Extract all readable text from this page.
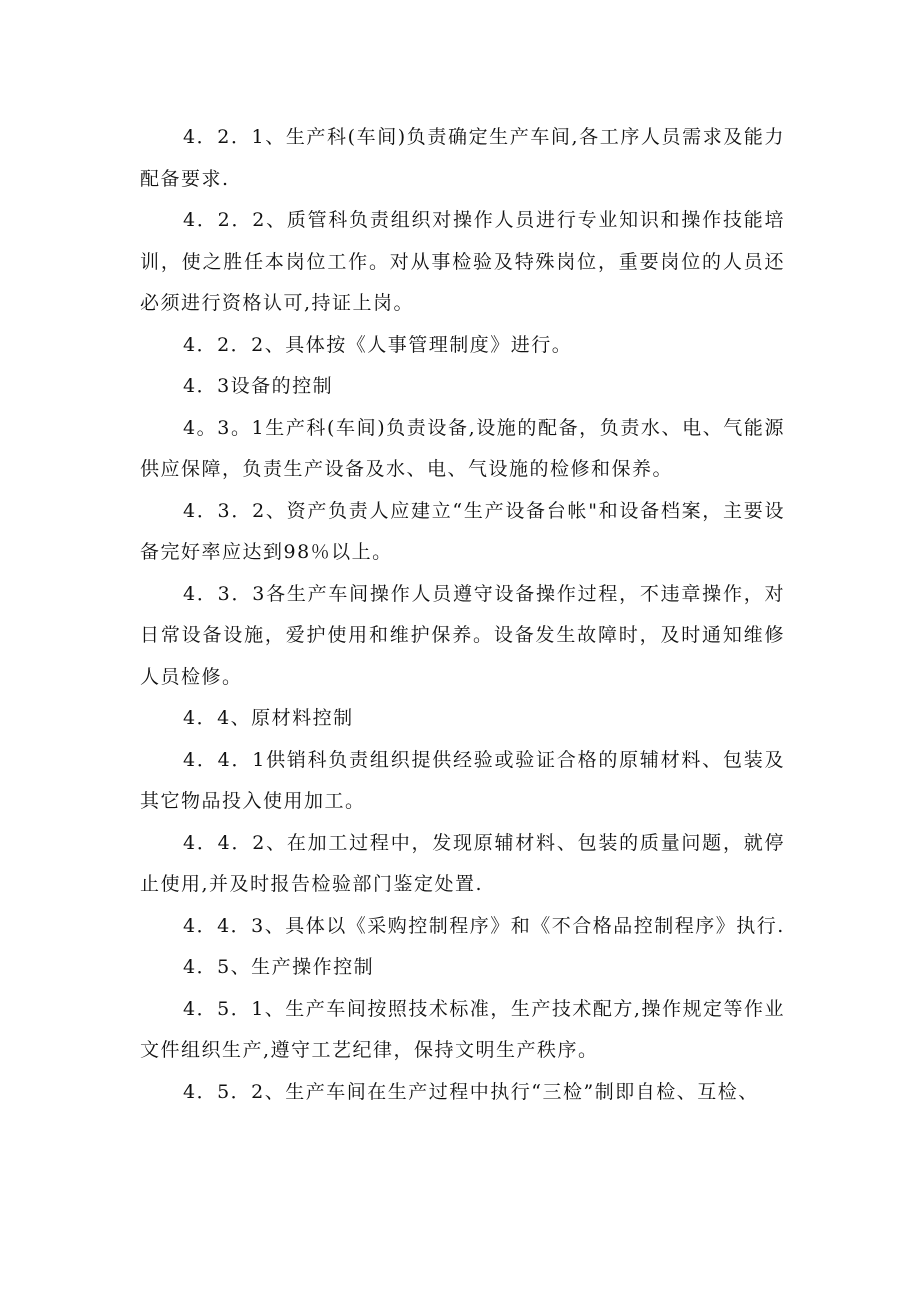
4．2．1、生产科(车间)负责确定生产车间,各工序人员需求及能力配备要求.

4．2．2、质管科负责组织对操作人员进行专业知识和操作技能培训，使之胜任本岗位工作。对从事检验及特殊岗位，重要岗位的人员还必须进行资格认可,持证上岗。

4．2．2、具体按《人事管理制度》进行。

4．3设备的控制

4。3。1生产科(车间)负责设备,设施的配备，负责水、电、气能源供应保障，负责生产设备及水、电、气设施的检修和保养。

4．3．2、资产负责人应建立“生产设备台帐"和设备档案，主要设备完好率应达到98％以上。

4．3．3各生产车间操作人员遵守设备操作过程，不违章操作，对日常设备设施，爱护使用和维护保养。设备发生故障时，及时通知维修人员检修。

4．4、原材料控制

4．4．1供销科负责组织提供经验或验证合格的原辅材料、包装及其它物品投入使用加工。

4．4．2、在加工过程中，发现原辅材料、包装的质量问题，就停止使用,并及时报告检验部门鉴定处置.

4．4．3、具体以《采购控制程序》和《不合格品控制程序》执行.

4．5、生产操作控制

4．5．1、生产车间按照技术标准，生产技术配方,操作规定等作业文件组织生产,遵守工艺纪律，保持文明生产秩序。

4．5．2、生产车间在生产过程中执行“三检”制即自检、互检、
